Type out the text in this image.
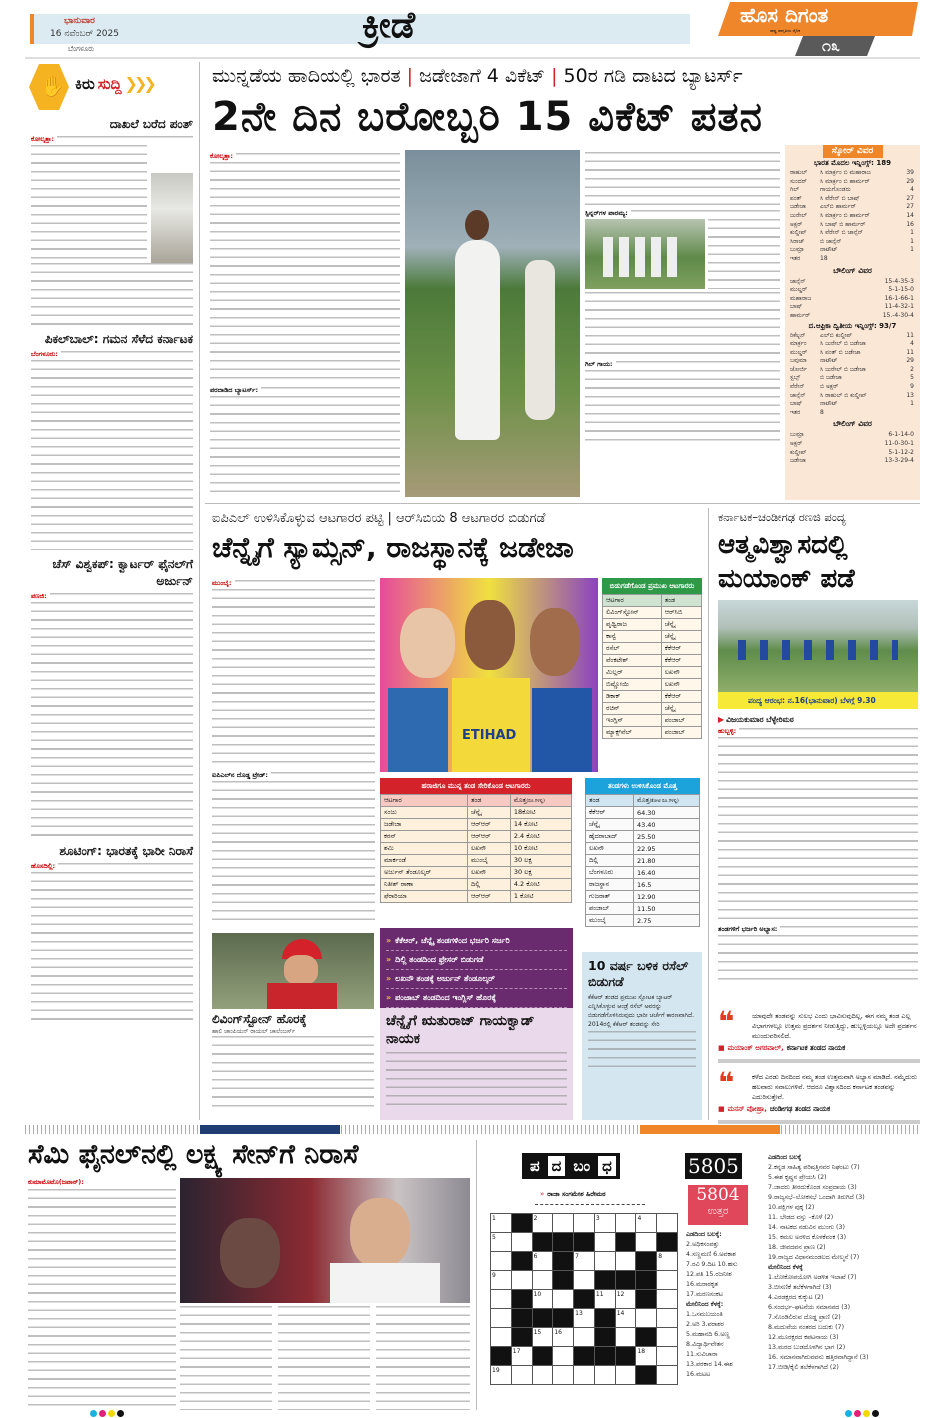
ಭಾನುವಾರ
16 ನವೆಂಬರ್ 2025
ಬೆಂಗಳೂರು
ಕ್ರೀಡೆ	ಹೊಸ ದಿಗಂತ
ರಾಷ್ಟ್ರ ಜಾಗೃತಿಯ ದೈನಿಕ
೧೩
✋ ಕಿರು ಸುದ್ದಿ ❯❯❯
ದಾಖಲೆ ಬರೆದ ಪಂತ್
ಕೋಲ್ಕತ್ತಾ:
ಪಿಕಲ್‌ಬಾಲ್: ಗಮನ ಸೆಳೆದ ಕರ್ನಾಟಕ
ಬೆಂಗಳೂರು:
ಚೆಸ್ ವಿಶ್ವಕಪ್: ಕ್ವಾರ್ಟರ್ ಫೈನಲ್‌ಗೆ ಅರ್ಜುನ್
ಪಣಜಿ:
ಶೂಟಿಂಗ್: ಭಾರತಕ್ಕೆ ಭಾರೀ ನಿರಾಸೆ
ಹೊಸದಿಲ್ಲಿ:
ಮುನ್ನಡೆಯ ಹಾದಿಯಲ್ಲಿ ಭಾರತ | ಜಡೇಜಾಗೆ 4 ವಿಕೆಟ್ | 50ರ ಗಡಿ ದಾಟದ ಬ್ಯಾಟರ್ಸ್
2ನೇ ದಿನ ಬರೋಬ್ಬರಿ 15 ವಿಕೆಟ್ ಪತನ
ಕೋಲ್ಕತ್ತಾ:
ಪರದಾಡಿದ ಬ್ಯಾಟರ್ಸ್:
ಸ್ಪಿನ್ನರ್‌ಗಳ ಪಾರಮ್ಯ:
ಗಿಲ್ ಗಾಯ:
ಸ್ಕೋರ್ ವಿವರ
ಭಾರತ ಮೊದಲ ಇನ್ನಿಂಗ್ಸ್: 189
ರಾಹುಲ್	ಸಿ ಮಾರ್ಕ್ರಂ ಬಿ ಮಹಾರಾಜ	39
ಸುಂದರ್	ಸಿ ಮಾರ್ಕ್ರಂ ಬಿ ಹಾರ್ಮರ್	29
ಗಿಲ್	ಗಾಯಗೊಂಡರು	4
ಪಂತ್	ಸಿ ವೆರೇನ್ ಬಿ ಬಾಷ್	27
ಜಡೇಜಾ	ಎಲ್‌ಬಿ ಹಾರ್ಮರ್	27
ಜುರೇಲ್	ಸಿ ಮಾರ್ಕ್ರಂ ಬಿ ಹಾರ್ಮರ್	14
ಅಕ್ಷರ್	ಸಿ ಬಾಷ್ ಬಿ ಹಾರ್ಮರ್	16
ಕುಲ್ದೀಪ್	ಸಿ ವೆರೇನ್ ಬಿ ಜಾನ್ಸೆನ್	1
ಸಿರಾಜ್	ಬಿ ಜಾನ್ಸೆನ್	1
ಬುಮ್ರಾ	ನಾಟೌಟ್	1
ಇತರ	18
ಬೌಲಿಂಗ್ ವಿವರ
ಜಾನ್ಸೆನ್	15-4-35-3
ಮುಲ್ಡರ್	5-1-15-0
ಮಹಾರಾಜ	16-1-66-1
ಬಾಷ್	11-4-32-1
ಹಾರ್ಮರ್	15.-4-30-4
ದ.ಆಫ್ರಿಕಾ ದ್ವಿತೀಯ ಇನ್ನಿಂಗ್ಸ್: 93/7
ರಿಕೆಲ್ಟನ್	ಎಲ್‌ಬಿ ಕುಲ್ದೀಪ್	11
ಮಾರ್ಕ್ರಂ	ಸಿ ಜುರೇಲ್ ಬಿ ಜಡೇಜಾ	4
ಮುಲ್ಡರ್	ಸಿ ಪಂತ್ ಬಿ ಜಡೇಜಾ	11
ಬವುಮಾ	ನಾಟೌಟ್	29
ಜೋರ್ಜಿ	ಸಿ ಜುರೇಲ್ ಬಿ ಜಡೇಜಾ	2
ಸ್ಟಬ್ಸ್	ಬಿ ಜಡೇಜಾ	5
ವೆರೇನ್	ಬಿ ಅಕ್ಷರ್	9
ಜಾನ್ಸೆನ್	ಸಿ ರಾಹುಲ್ ಬಿ ಕುಲ್ದೀಪ್	13
ಬಾಷ್	ನಾಟೌಟ್	1
ಇತರ	8
ಬೌಲಿಂಗ್ ವಿವರ
ಬುಮ್ರಾ	6-1-14-0
ಅಕ್ಷರ್	11-0-30-1
ಕುಲ್ದೀಪ್	5-1-12-2
ಜಡೇಜಾ	13-3-29-4
ಐಪಿಎಲ್ ಉಳಿಸಿಕೊಳ್ಳುವ ಆಟಗಾರರ ಪಟ್ಟಿ | ಆರ್‌ಸಿಬಿಯ 8 ಆಟಗಾರರ ಬಿಡುಗಡೆ
ಚೆನ್ನೈಗೆ ಸ್ಯಾಮ್ಸನ್, ರಾಜಸ್ಥಾನಕ್ಕೆ ಜಡೇಜಾ
ಮುಂಬೈ:
ಐಪಿಎಲ್‌ನ ದೊಡ್ಡ ಟ್ರೇಡ್:
ETIHAD
ಬಿಡುಗಡೆಗೊಂಡ ಪ್ರಮುಖ ಆಟಗಾರರು
ಆಟಗಾರ	ತಂಡ
ಲಿವಿಂಗ್‌ಸ್ಟೋನ್	ಆರ್‌ಸಿಬಿ
ಪೃಥ್ವಿರಾಜ	ಚೆನ್ನೈ
ಕಾನ್ವೆ	ಚೆನ್ನೈ
ರಸೆಲ್	ಕೆಕೆಆರ್
ವೆಂಕಟೇಶ್	ಕೆಕೆಆರ್
ಮಿಲ್ಲರ್	ಲಖನೌ
ಬಿಷ್ಣೋಯಿ	ಲಖನೌ
ಡಿಕಾಕ್	ಕೆಕೆಆರ್
ರಚಿನ್	ಚೆನ್ನೈ
ಇಂಗ್ಲಿಸ್	ಪಂಜಾಬ್
ಮ್ಯಾಕ್ಸ್‌ವೆಲ್	ಪಂಜಾಬ್
ಹರಾಜಿಗೂ ಮುನ್ನ ತಂಡ ಸೇರಿಕೊಂಡ ಆಟಗಾರರು
ಆಟಗಾರ	ತಂಡ	ಮೊತ್ತ(ರೂ.ಗಳಲ್ಲಿ)
ಸಂಜು	ಚೆನ್ನೈ	18ಕೋಟಿ
ಜಡೇಜಾ	ಆರ್‌ಆರ್	14 ಕೋಟಿ
ಕರನ್	ಆರ್‌ಆರ್	2.4 ಕೋಟಿ
ಶಮಿ	ಲಖನೌ	10 ಕೋಟಿ
ಮಾರ್ಕಂಡೆ	ಮುಂಬೈ	30 ಲಕ್ಷ
ಅರ್ಜುನ್ ತೆಂಡೂಲ್ಕರ್	ಲಖನೌ	30 ಲಕ್ಷ
ನಿತೀಶ್ ರಾಣಾ	ದಿಲ್ಲಿ	4.2 ಕೋಟಿ
ಫೆರಾರಿಯಾ	ಆರ್‌ಆರ್	1 ಕೋಟಿ
ತಂಡಗಳು ಉಳಿಸಿಕೊಂಡ ಮೊತ್ತ
ತಂಡ	ಮೊತ್ತ(ಕೋಟಿ ರೂ.ಗಳಲ್ಲಿ)
ಕೆಕೆಆರ್	64.30
ಚೆನ್ನೈ	43.40
ಹೈದರಾಬಾದ್	25.50
ಲಖನೌ	22.95
ದಿಲ್ಲಿ	21.80
ಬೆಂಗಳೂರು	16.40
ರಾಜಸ್ಥಾನ	16.5
ಗುಜರಾತ್	12.90
ಪಂಜಾಬ್	11.50
ಮುಂಬೈ	2.75
» ಕೆಕೆಆರ್, ಚೆನ್ನೈ ತಂಡಗಳಿಂದ ಭರ್ಜರಿ ಸರ್ಜರಿ
» ದಿಲ್ಲಿ ತಂಡದಿಂದ ಫ್ರೇಸರ್ ಬಿಡುಗಡೆ
» ಲಖನೌ ತಂಡಕ್ಕೆ ಅರ್ಜುನ್ ತೆಂಡೂಲ್ಕರ್
» ಪಂಜಾಬ್ ತಂಡದಿಂದ ಇಂಗ್ಲಿಸ್ ಹೊರಕ್ಕೆ
ಚೆನ್ನೈಗೆ ಋತುರಾಜ್ ಗಾಯಕ್ವಾಡ್ ನಾಯಕ
ಲಿವಿಂಗ್‌ಸ್ಟೋನ್ ಹೊರಕ್ಕೆ
ಹಾಲಿ ಚಾಂಪಿಯನ್ ರಾಯಲ್ ಚಾಲೆಂಜರ್ಸ್
10 ವರ್ಷ ಬಳಿಕ ರಸೆಲ್ ಬಿಡುಗಡೆ
ಕೆಕೆಆರ್ ತಂಡದ ಪ್ರಮುಖ ಸ್ಫೋಟಕ ಬ್ಯಾಟರ್ ಎನ್ನಿಸಿಕೊಳ್ಳುವ ಆಂಡ್ರೆ ರಸೆಲ್ ಅವರನ್ನು ಬಿಡುಗಡೆಗೊಳಿಸಿರುವುದು ಭಾರೀ ಚರ್ಚೆಗೆ ಕಾರಣವಾಗಿದೆ. 2014ರಲ್ಲಿ ಕೆಕೆಆರ್ ತಂಡವನ್ನು ಸೇರಿ
ಕರ್ನಾಟಕ–ಚಂಡೀಗಢ ರಣಜಿ ಪಂದ್ಯ
ಆತ್ಮವಿಶ್ವಾಸದಲ್ಲಿ ಮಯಾಂಕ್ ಪಡೆ
ಪಂದ್ಯ ಆರಂಭ: ನ.16(ಭಾನುವಾರ) ಬೆಳಗ್ಗೆ 9.30
▶ ವಿಜಯಕುಮಾರ ಬೆಳ್ಳೇರಿಮಠ
ಹುಬ್ಬಳ್ಳಿ:
ತಂಡಗಳಿಗೆ ಭರ್ಜರಿ ಅಭ್ಯಾಸ:
❝	ಯಾವುದೇ ತಂಡವನ್ನು ಸುಲಭ ಎಂದು ಭಾವಿಸುವುದಿಲ್ಲ, ಈಗ ನಮ್ಮ ತಂಡ ಎಲ್ಲ ವಿಭಾಗಗಳಲ್ಲೂ ಉತ್ತಮ ಪ್ರದರ್ಶನ ನೀಡುತ್ತಿದ್ದು, ಹುಬ್ಬಳ್ಳಿಯಲ್ಲೂ ಅದೇ ಪ್ರದರ್ಶನ ಮುಂದುವರಿಸಲಿದೆ.
■ ಮಯಾಂಕ್ ಅಗರವಾಲ್, ಕರ್ನಾಟಕ ತಂಡದ ನಾಯಕ
❝	ಕಳೆದ ಎರಡು ದಿನದಿಂದ ನಮ್ಮ ತಂಡ ಉತ್ತಮವಾಗಿ ಅಭ್ಯಾಸ ಮಾಡಿದೆ. ನಮ್ಮೆದುರು ಹಲವಾರು ಸವಾಲುಗಳಿವೆ. ಆದರೂ ವಿಶ್ವಾಸದಿಂದ ಕರ್ನಾಟಕ ತಂಡವನ್ನು ಎದುರಿಸುತ್ತೇವೆ.
■ ಮನನ್ ವೋಹ್ರಾ, ಚಂಡೀಗಢ ತಂಡದ ನಾಯಕ
ಸೆಮಿ ಫೈನಲ್‌ನಲ್ಲಿ ಲಕ್ಷ್ಯ ಸೇನ್‌ಗೆ ನಿರಾಸೆ
ಕುಮಾಮೊಟೊ(ಜಪಾನ್):
ಪ ದ ಬಂ ಧ
» ರಾಜಾ ಸಂಗಮೇಶ ಹಿರೇಮಠ
1		2			3		4	
5								
		6		7				8
9								
		10			11	12		
				13		14		
		15	16					
	17						18	
19								
5805
5804
ಉತ್ತರ
ಎಡದಿಂದ ಬಲಕ್ಕೆ:
2.ಅಧಿಕಸಂಪತ್ತು
4.ಸಣ್ಣಮಣಿ 6.ಅವಕಾಶ
7.ರವಿ 9.ದಿಟ 10.ಹಸು
12.ಪತಿ 15.ರಜನೀಶ
16.ಮರಾಠಕೃತ
17.ಮರಣಸಂಕಟ
ಮೇಲಿನಿಂದ ಕೆಳಕ್ಕೆ:
1.ಒಸಮಬಯಂತಿ
2.ಅರಿ 3.ಪರಾಶರ
5.ಮಹಾನದಿ 6.ಅಣ್ಣ
8.ವಿದ್ಯಾರ್ಥಿವೇತನ
11.ಸುವಿಚಾರಾ
13.ಪರಕಾರ 14.ಈಶ
16.ಮಟಟ
ಎಡದಿಂದ ಬಲಕ್ಕೆ
2.ಕನ್ನಡ ಸಾಹಿತ್ಯ ಪರಿಷತ್ತಿನವರ ನಿಘಂಟು (7)
5.ಈಶ ಕೃಷ್ಣನ ಪ್ರೇಯಸಿ (2)
7.ಜಾದರು ತೀರದುಕೊಂಡ ಸಂಪ್ರದಾಯ (3)
9.ರಾಜ್ಯಸಭೆ–ಲೋಕಸಭೆ ಒಂದಾಗಿ ತಿರುಗಿದೆ (3)
10.ಪಕ್ಷಿಗಳ ಪುಕ್ಕ (2)
11. ಬೇಡದ ವಸ್ತು –ಕೊಳೆ (2)
14. ನಾಟಕದ ನಡುವಿನ ಮುಂಗು (3)
15. ಕಮಲ ಅರಳಿದ ಕೊಳಕೆವಂಕ (3)
18. ಜೀವದವನ ಪ್ರಾಣ (2)
19.ರಾಜ್ಯದ ವಿಧಾನಮಂಡಲದ ಮೇಲ್ಮನೆ (7)
ಮೇಲಿನಿಂದ ಕೆಳಕ್ಕೆ
1.ಲೋಕೋಪಯೋಗಿ ಅಡಳಿತ ಇಲಾಖೆ (7)
3.ಬೀಸಣಿಕೆ ತಲೆಕೆಳಗಾಗಿದೆ (3)
4.ಎರಡಕ್ಷರದ ಕುಕ್ಕುಟ (2)
6.ಸಂದರ್ಭ–ಘಟನೆಯ ಸಮಾನಪದ (3)
7.ಸೊಂಡಿಲಿರುವ ದೊಡ್ಡ ಪ್ರಾಣಿ (2)
8.ಮದುವೆಯ ನಂತರದ ಬದುಕು (7)
12.ಮೂರಕ್ಷರದ ಕಪಟನಾಯ (3)
13.ಮರದ ಬುಡದೊಳಗಿನ ಭಾಗ (2)
16. ಸಮಾನವಾಗಿರುವವನು ಹತ್ತಿರವಾಗಿದ್ದಾನೆ (3)
17.ಬೀಡಿ/ಕೈಲಿ ತಲೆಕೆಳಗಾಗಿದೆ (2)
